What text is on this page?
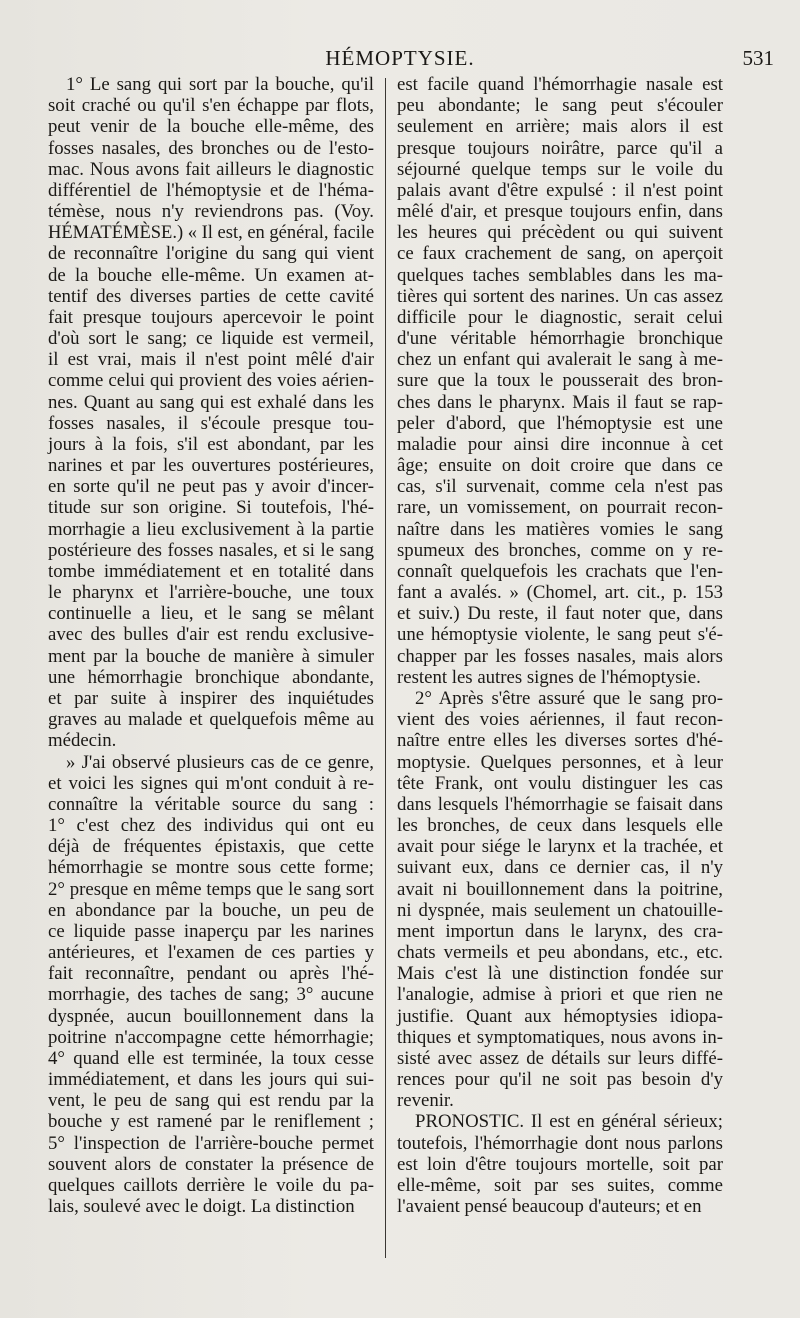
HÉMOPTYSIE.	531
1° Le sang qui sort par la bouche, qu'il
soit craché ou qu'il s'en échappe par flots,
peut venir de la bouche elle-même, des
fosses nasales, des bronches ou de l'esto-
mac. Nous avons fait ailleurs le diagnostic
différentiel de l'hémoptysie et de l'héma-
témèse, nous n'y reviendrons pas. (Voy.
HÉMATÉMÈSE.) « Il est, en général, facile
de reconnaître l'origine du sang qui vient
de la bouche elle-même. Un examen at-
tentif des diverses parties de cette cavité
fait presque toujours apercevoir le point
d'où sort le sang; ce liquide est vermeil,
il est vrai, mais il n'est point mêlé d'air
comme celui qui provient des voies aérien-
nes. Quant au sang qui est exhalé dans les
fosses nasales, il s'écoule presque tou-
jours à la fois, s'il est abondant, par les
narines et par les ouvertures postérieures,
en sorte qu'il ne peut pas y avoir d'incer-
titude sur son origine. Si toutefois, l'hé-
morrhagie a lieu exclusivement à la partie
postérieure des fosses nasales, et si le sang
tombe immédiatement et en totalité dans
le pharynx et l'arrière-bouche, une toux
continuelle a lieu, et le sang se mêlant
avec des bulles d'air est rendu exclusive-
ment par la bouche de manière à simuler
une hémorrhagie bronchique abondante,
et par suite à inspirer des inquiétudes
graves au malade et quelquefois même au
médecin.
» J'ai observé plusieurs cas de ce genre,
et voici les signes qui m'ont conduit à re-
connaître la véritable source du sang :
1° c'est chez des individus qui ont eu
déjà de fréquentes épistaxis, que cette
hémorrhagie se montre sous cette forme;
2° presque en même temps que le sang sort
en abondance par la bouche, un peu de
ce liquide passe inaperçu par les narines
antérieures, et l'examen de ces parties y
fait reconnaître, pendant ou après l'hé-
morrhagie, des taches de sang; 3° aucune
dyspnée, aucun bouillonnement dans la
poitrine n'accompagne cette hémorrhagie;
4° quand elle est terminée, la toux cesse
immédiatement, et dans les jours qui sui-
vent, le peu de sang qui est rendu par la
bouche y est ramené par le reniflement ;
5° l'inspection de l'arrière-bouche permet
souvent alors de constater la présence de
quelques caillots derrière le voile du pa-
lais, soulevé avec le doigt. La distinction
est facile quand l'hémorrhagie nasale est
peu abondante; le sang peut s'écouler
seulement en arrière; mais alors il est
presque toujours noirâtre, parce qu'il a
séjourné quelque temps sur le voile du
palais avant d'être expulsé : il n'est point
mêlé d'air, et presque toujours enfin, dans
les heures qui précèdent ou qui suivent
ce faux crachement de sang, on aperçoit
quelques taches semblables dans les ma-
tières qui sortent des narines. Un cas assez
difficile pour le diagnostic, serait celui
d'une véritable hémorrhagie bronchique
chez un enfant qui avalerait le sang à me-
sure que la toux le pousserait des bron-
ches dans le pharynx. Mais il faut se rap-
peler d'abord, que l'hémoptysie est une
maladie pour ainsi dire inconnue à cet
âge; ensuite on doit croire que dans ce
cas, s'il survenait, comme cela n'est pas
rare, un vomissement, on pourrait recon-
naître dans les matières vomies le sang
spumeux des bronches, comme on y re-
connaît quelquefois les crachats que l'en-
fant a avalés. » (Chomel, art. cit., p. 153
et suiv.) Du reste, il faut noter que, dans
une hémoptysie violente, le sang peut s'é-
chapper par les fosses nasales, mais alors
restent les autres signes de l'hémoptysie.
2° Après s'être assuré que le sang pro-
vient des voies aériennes, il faut recon-
naître entre elles les diverses sortes d'hé-
moptysie. Quelques personnes, et à leur
tête Frank, ont voulu distinguer les cas
dans lesquels l'hémorrhagie se faisait dans
les bronches, de ceux dans lesquels elle
avait pour siége le larynx et la trachée, et
suivant eux, dans ce dernier cas, il n'y
avait ni bouillonnement dans la poitrine,
ni dyspnée, mais seulement un chatouille-
ment importun dans le larynx, des cra-
chats vermeils et peu abondans, etc., etc.
Mais c'est là une distinction fondée sur
l'analogie, admise à priori et que rien ne
justifie. Quant aux hémoptysies idiopa-
thiques et symptomatiques, nous avons in-
sisté avec assez de détails sur leurs diffé-
rences pour qu'il ne soit pas besoin d'y
revenir.
PRONOSTIC. Il est en général sérieux;
toutefois, l'hémorrhagie dont nous parlons
est loin d'être toujours mortelle, soit par
elle-même, soit par ses suites, comme
l'avaient pensé beaucoup d'auteurs; et en
